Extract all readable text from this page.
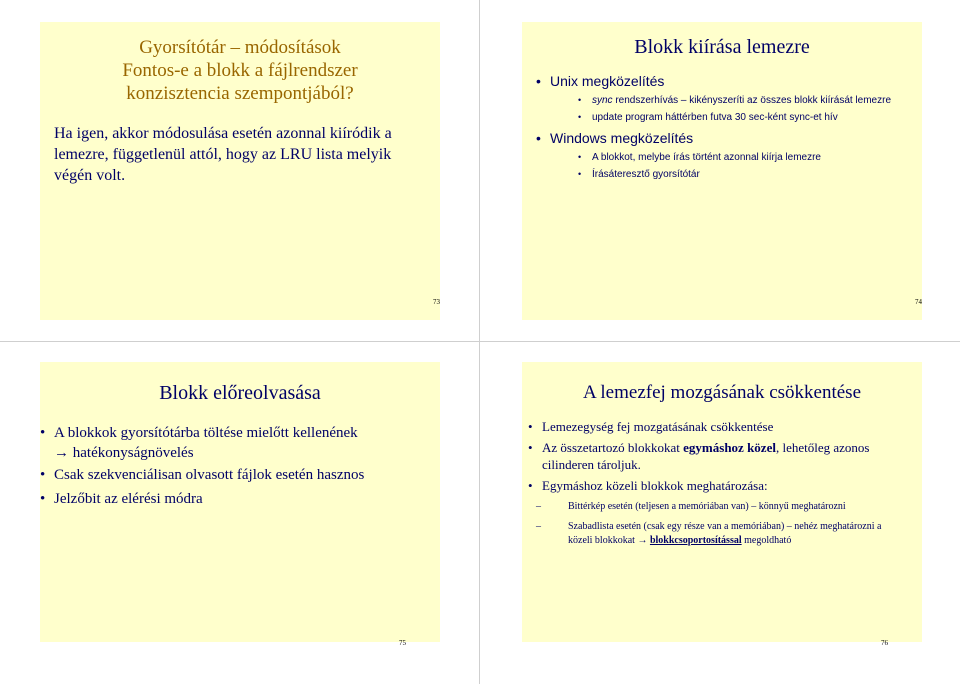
Gyorsítótár – módosítások
Fontos-e a blokk a fájlrendszer
konzisztencia szempontjából?
Ha igen, akkor módosulása esetén azonnal kiíródik a lemezre, függetlenül attól, hogy az LRU lista melyik végén volt.
73
Blokk kiírása lemezre
• Unix megközelítés
• sync rendszerhívás – kikényszeríti az összes blokk kiírását lemezre
• update program háttérben futva 30 sec-ként sync-et hív
• Windows megközelítés
• A blokkot, melybe írás történt azonnal kiírja lemezre
• Írásáteresztő gyorsítótár
74
Blokk előreolvasása
• A blokkok gyorsítótárba töltése mielőtt kellenének
→ hatékonyságnövelés
• Csak szekvenciálisan olvasott fájlok esetén hasznos
• Jelzőbit az elérési módra
75
A lemezfej mozgásának csökkentése
• Lemezegység fej mozgatásának csökkentése
• Az összetartozó blokkokat egymáshoz közel, lehetőleg azonos cilinderen tároljuk.
• Egymáshoz közeli blokkok meghatározása:
–	Bittérkép esetén (teljesen a memóriában van) – könnyű meghatározni
–	Szabadlista esetén (csak egy része van a memóriában) – nehéz meghatározni a közeli blokkokat → blokkcsoportosítással megoldható
76
